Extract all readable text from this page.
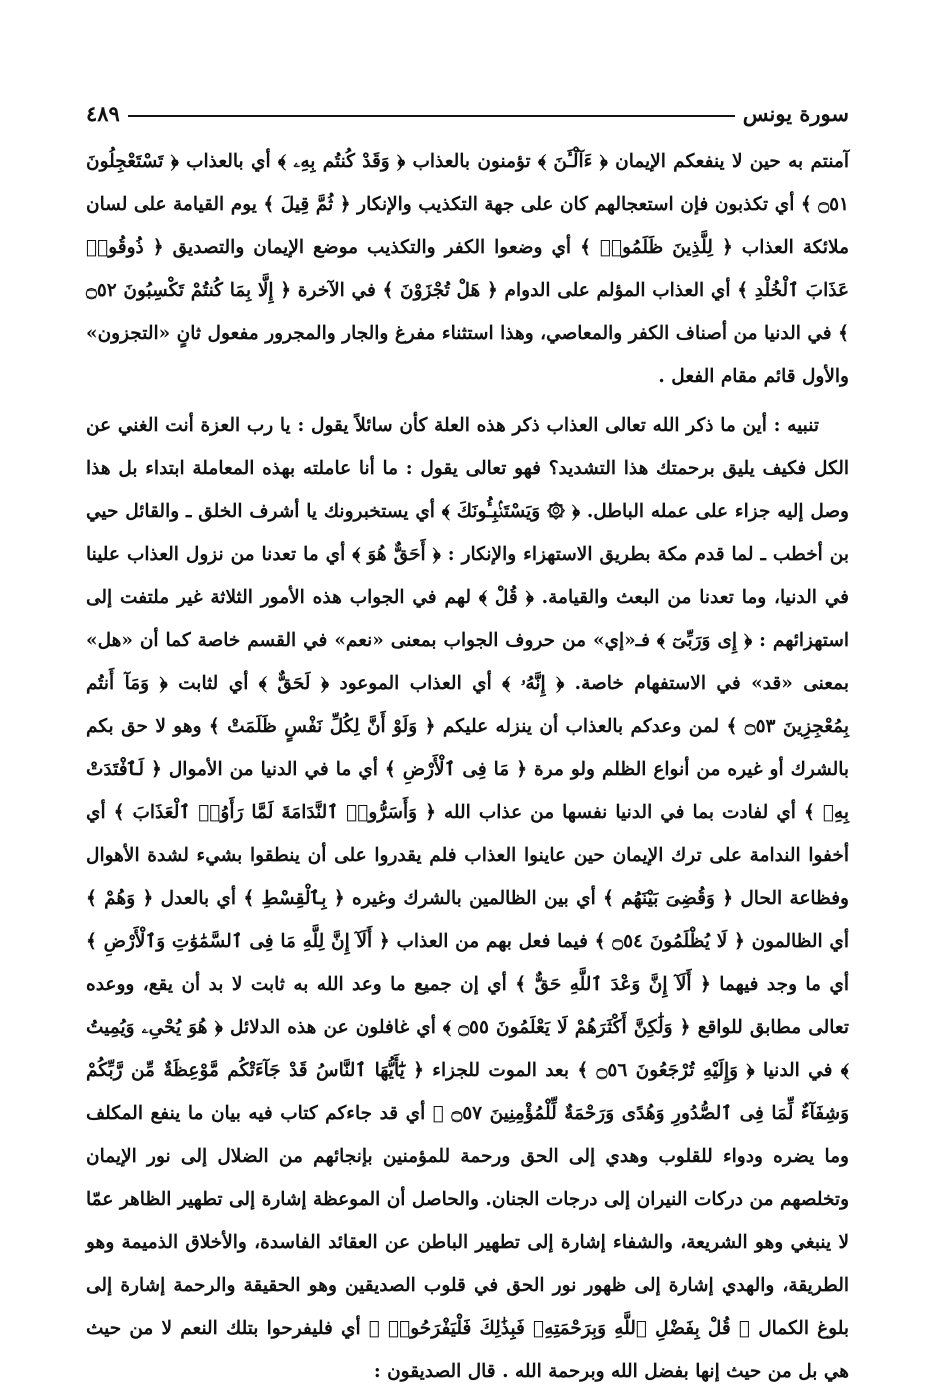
سورة يونس
٤٨٩

آمنتم به حين لا ينفعكم الإيمان ﴿ ءَآلْـَٔنَ ﴾ تؤمنون بالعذاب ﴿ وَقَدْ كُنتُم بِهِۦ ﴾ أي بالعذاب ﴿ تَسْتَعْجِلُونَ ۝٥١ ﴾ أي تكذبون فإن استعجالهم كان على جهة التكذيب والإنكار ﴿ ثُمَّ قِيلَ ﴾ يوم القيامة على لسان ملائكة العذاب ﴿ لِلَّذِينَ ظَلَمُوا۟ ﴾ أي وضعوا الكفر والتكذيب موضع الإيمان والتصديق ﴿ ذُوقُوا۟ عَذَابَ ٱلْخُلْدِ ﴾ أي العذاب المؤلم على الدوام ﴿ هَلْ تُجْزَوْنَ ﴾ في الآخرة ﴿ إِلَّا بِمَا كُنتُمْ تَكْسِبُونَ ۝٥٢ ﴾ في الدنيا من أصناف الكفر والمعاصي، وهذا استثناء مفرغ والجار والمجرور مفعول ثانٍ «التجزون» والأول قائم مقام الفعل .

تنبيه : أين ما ذكر الله تعالى العذاب ذكر هذه العلة كأن سائلاً يقول : يا رب العزة أنت الغني عن الكل فكيف يليق برحمتك هذا التشديد؟ فهو تعالى يقول : ما أنا عاملته بهذه المعاملة ابتداء بل هذا وصل إليه جزاء على عمله الباطل. ﴿ ۞ وَيَسْتَنۢبِـُٔونَكَ ﴾ أي يستخبرونك يا أشرف الخلق ـ والقائل حيي بن أخطب ـ لما قدم مكة بطريق الاستهزاء والإنكار : ﴿ أَحَقٌّ هُوَ ﴾ أي ما تعدنا من نزول العذاب علينا في الدنيا، وما تعدنا من البعث والقيامة. ﴿ قُلْ ﴾ لهم في الجواب هذه الأمور الثلاثة غير ملتفت إلى استهزائهم : ﴿ إِى وَرَبِّىٓ ﴾ فـ«إي» من حروف الجواب بمعنى «نعم» في القسم خاصة كما أن «هل» بمعنى «قد» في الاستفهام خاصة. ﴿ إِنَّهُۥ ﴾ أي العذاب الموعود ﴿ لَحَقٌّ ﴾ أي لثابت ﴿ وَمَآ أَنتُم بِمُعْجِزِينَ ۝٥٣ ﴾ لمن وعدكم بالعذاب أن ينزله عليكم ﴿ وَلَوْ أَنَّ لِكُلِّ نَفْسٍ ظَلَمَتْ ﴾ وهو لا حق بكم بالشرك أو غيره من أنواع الظلم ولو مرة ﴿ مَا فِى ٱلْأَرْضِ ﴾ أي ما في الدنيا من الأموال ﴿ لَٱفْتَدَتْ بِهِۦ ﴾ أي لفادت بما في الدنيا نفسها من عذاب الله ﴿ وَأَسَرُّوا۟ ٱلنَّدَامَةَ لَمَّا رَأَوُا۟ ٱلْعَذَابَ ﴾ أي أخفوا الندامة على ترك الإيمان حين عاينوا العذاب فلم يقدروا على أن ينطقوا بشيء لشدة الأهوال وفظاعة الحال ﴿ وَقُضِىَ بَيْنَهُم ﴾ أي بين الظالمين بالشرك وغيره ﴿ بِٱلْقِسْطِ ﴾ أي بالعدل ﴿ وَهُمْ ﴾ أي الظالمون ﴿ لَا يُظْلَمُونَ ۝٥٤ ﴾ فيما فعل بهم من العذاب ﴿ أَلَآ إِنَّ لِلَّهِ مَا فِى ٱلسَّمَٰوَٰتِ وَٱلْأَرْضِ ﴾ أي ما وجد فيهما ﴿ أَلَآ إِنَّ وَعْدَ ٱللَّهِ حَقٌّ ﴾ أي إن جميع ما وعد الله به ثابت لا بد أن يقع، ووعده تعالى مطابق للواقع ﴿ وَلَٰكِنَّ أَكْثَرَهُمْ لَا يَعْلَمُونَ ۝٥٥ ﴾ أي غافلون عن هذه الدلائل ﴿ هُوَ يُحْىِۦ وَيُمِيتُ ﴾ في الدنيا ﴿ وَإِلَيْهِ تُرْجَعُونَ ۝٥٦ ﴾ بعد الموت للجزاء ﴿ يَٰٓأَيُّهَا ٱلنَّاسُ قَدْ جَآءَتْكُم مَّوْعِظَةٌ مِّن رَّبِّكُمْ وَشِفَآءٌ لِّمَا فِى ٱلصُّدُورِ وَهُدًى وَرَحْمَةٌ لِّلْمُؤْمِنِينَ ۝٥٧ ﴾ أي قد جاءكم كتاب فيه بيان ما ينفع المكلف وما يضره ودواء للقلوب وهدي إلى الحق ورحمة للمؤمنين بإنجائهم من الضلال إلى نور الإيمان وتخلصهم من دركات النيران إلى درجات الجنان. والحاصل أن الموعظة إشارة إلى تطهير الظاهر عمّا لا ينبغي وهو الشريعة، والشفاء إشارة إلى تطهير الباطن عن العقائد الفاسدة، والأخلاق الذميمة وهو الطريقة، والهدي إشارة إلى ظهور نور الحق في قلوب الصديقين وهو الحقيقة والرحمة إشارة إلى بلوغ الكمال ﴿ قُلْ بِفَضْلِ ٱللَّهِ وَبِرَحْمَتِهِۦ فَبِذَٰلِكَ فَلْيَفْرَحُوا۟ ﴾ أي فليفرحوا بتلك النعم لا من حيث هي بل من حيث إنها بفضل الله وبرحمة الله . قال الصديقون :
